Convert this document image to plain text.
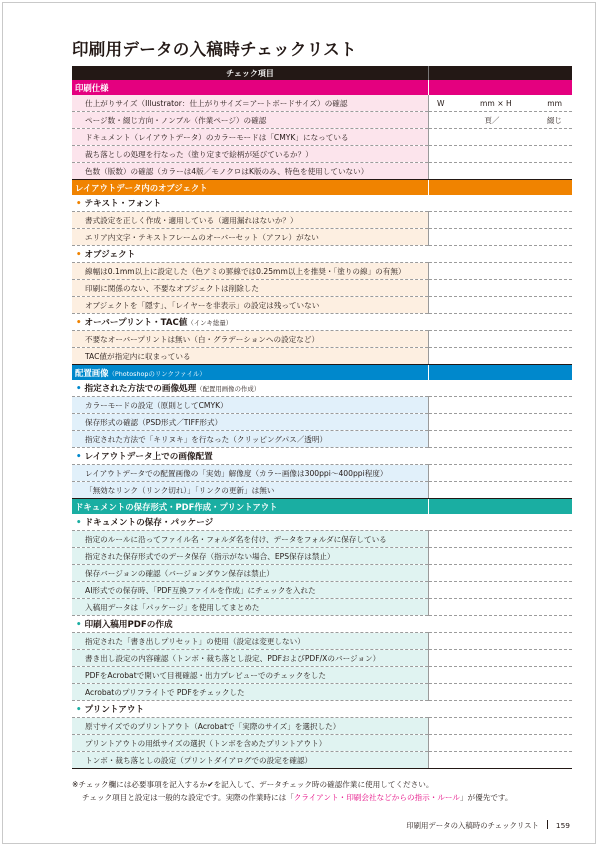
印刷用データの入稿時チェックリスト
チェック項目	
印刷仕様	
仕上がりサイズ（Illustrator：仕上がりサイズ＝アートボードサイズ）の確認	W mm × H mm

ページ数・綴じ方向・ノンブル（作業ページ）の確認	頁／ 綴じ

ドキュメント（レイアウトデータ）のカラーモードは「CMYK」になっている	
裁ち落としの処理を行なった（塗り定まで絵柄が延びているか？）	
色数（版数）の確認（カラーは4版／モノクロはK版のみ、特色を使用していない）	
レイアウトデータ内のオブジェクト	
• テキスト・フォント	
書式設定を正しく作成・適用している（適用漏れはないか？）	
エリア内文字・テキストフレームのオーバーセット（アフレ）がない	
• オブジェクト	
線幅は0.1mm以上に設定した（色アミの罫線では0.25mm以上を推奨・「塗りの線」の有無）	
印刷に関係のない、不要なオブジェクトは削除した	
オブジェクトを「隠す」、「レイヤーを非表示」の設定は残っていない	
• オーバープリント・TAC値（インキ総量）	
不要なオーバープリントは無い（白・グラデーションへの設定など）	
TAC値が指定内に収まっている	
配置画像（Photoshopのリンクファイル）	
• 指定された方法での画像処理（配置用画像の作成）	
カラーモードの設定（原則としてCMYK）	
保存形式の確認（PSD形式／TIFF形式）	
指定された方法で「キリヌキ」を行なった（クリッピングパス／透明）	
• レイアウトデータ上での画像配置	
レイアウトデータでの配置画像の「実効」解像度（カラー画像は300ppi～400ppi程度）	
「無効なリンク（リンク切れ）」「リンクの更新」は無い	
ドキュメントの保存形式・PDF作成・プリントアウト	
• ドキュメントの保存・パッケージ	
指定のルールに沿ってファイル名・フォルダ名を付け、データをフォルダに保存している	
指定された保存形式でのデータ保存（指示がない場合、EPS保存は禁止）	
保存バージョンの確認（バージョンダウン保存は禁止）	
AI形式での保存時、「PDF互換ファイルを作成」にチェックを入れた	
入稿用データは「パッケージ」を使用してまとめた	
• 印刷入稿用PDFの作成	
指定された「書き出しプリセット」の使用（設定は変更しない）	
書き出し設定の内容確認（トンボ・裁ち落とし設定、PDFおよびPDF/Xのバージョン）	
PDFをAcrobatで開いて目視確認・出力プレビューでのチェックをした	
Acrobatのプリフライトで PDFをチェックした	
• プリントアウト	
原寸サイズでのプリントアウト（Acrobatで「実際のサイズ」を選択した）	
プリントアウトの用紙サイズの選択（トンボを含めたプリントアウト）	
トンボ・裁ち落としの設定（プリントダイアログでの設定を確認）	
※チェック欄には必要事項を記入するか✔を記入して、データチェック時の確認作業に使用してください。
チェック項目と設定は一般的な設定です。実際の作業時には「クライアント・印刷会社などからの指示・ルール」が優先です。
印刷用データの入稿時のチェックリスト 159
